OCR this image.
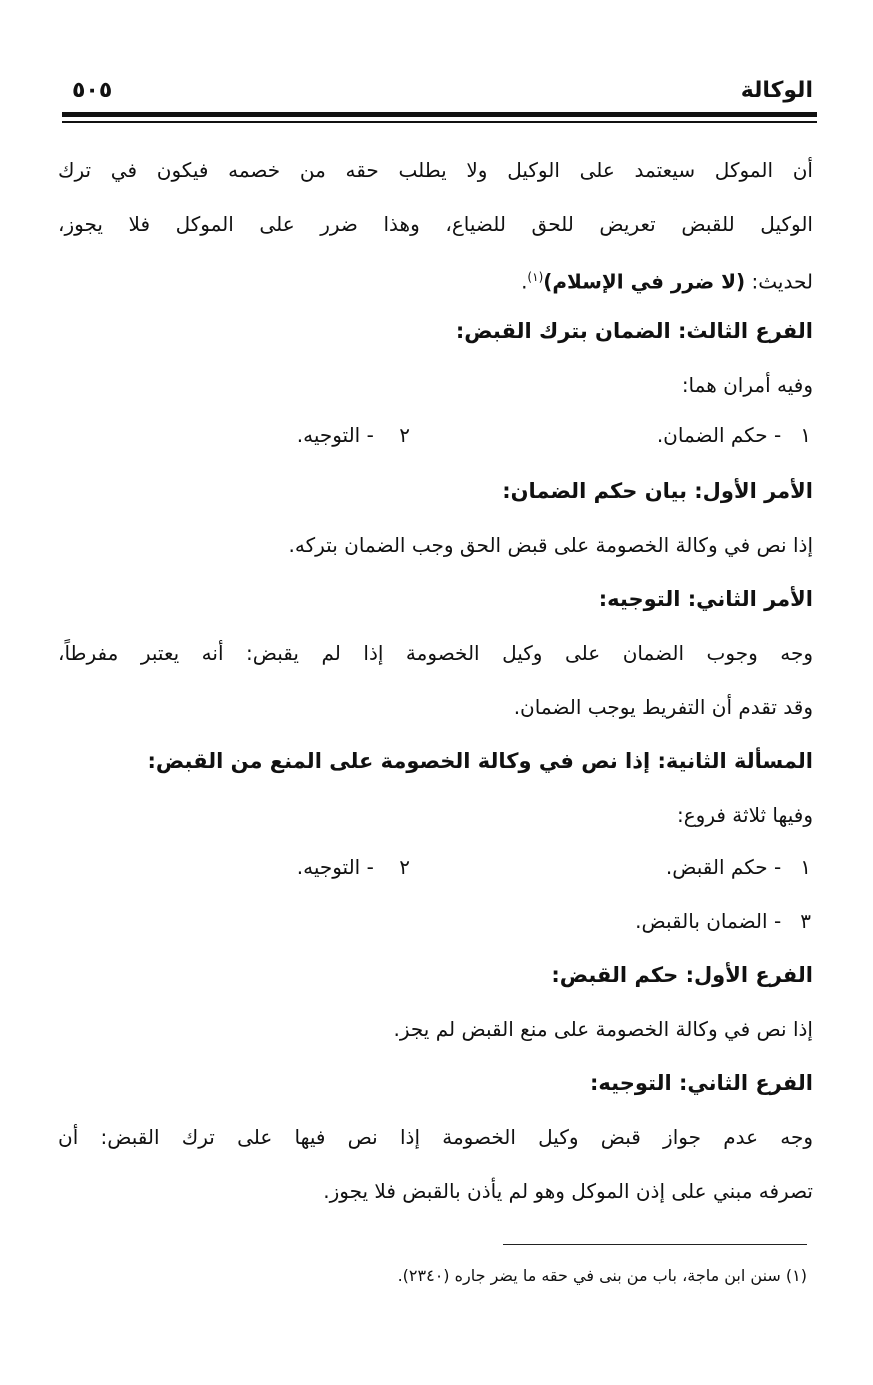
الوكالة
٥٠٥
أن الموكل سيعتمد على الوكيل ولا يطلب حقه من خصمه فيكون في ترك
الوكيل للقبض تعريض للحق للضياع، وهذا ضرر على الموكل فلا يجوز،
لحديث: (لا ضرر في الإسلام)$^{(١)}$.
الفرع الثالث: الضمان بترك القبض:
وفيه أمران هما:
١   - حكم الضمان.
٢    - التوجيه.
الأمر الأول: بيان حكم الضمان:
إذا نص في وكالة الخصومة على قبض الحق وجب الضمان بتركه.
الأمر الثاني: التوجيه:
وجه وجوب الضمان على وكيل الخصومة إذا لم يقبض: أنه يعتبر مفرطاً،
وقد تقدم أن التفريط يوجب الضمان.
المسألة الثانية: إذا نص في وكالة الخصومة على المنع من القبض:
وفيها ثلاثة فروع:
١   - حكم القبض.
٢    - التوجيه.
٣   - الضمان بالقبض.
الفرع الأول: حكم القبض:
إذا نص في وكالة الخصومة على منع القبض لم يجز.
الفرع الثاني: التوجيه:
وجه عدم جواز قبض وكيل الخصومة إذا نص فيها على ترك القبض: أن
تصرفه مبني على إذن الموكل وهو لم يأذن بالقبض فلا يجوز.
(١) سنن ابن ماجة، باب من بنى في حقه ما يضر جاره (٢٣٤٠).
